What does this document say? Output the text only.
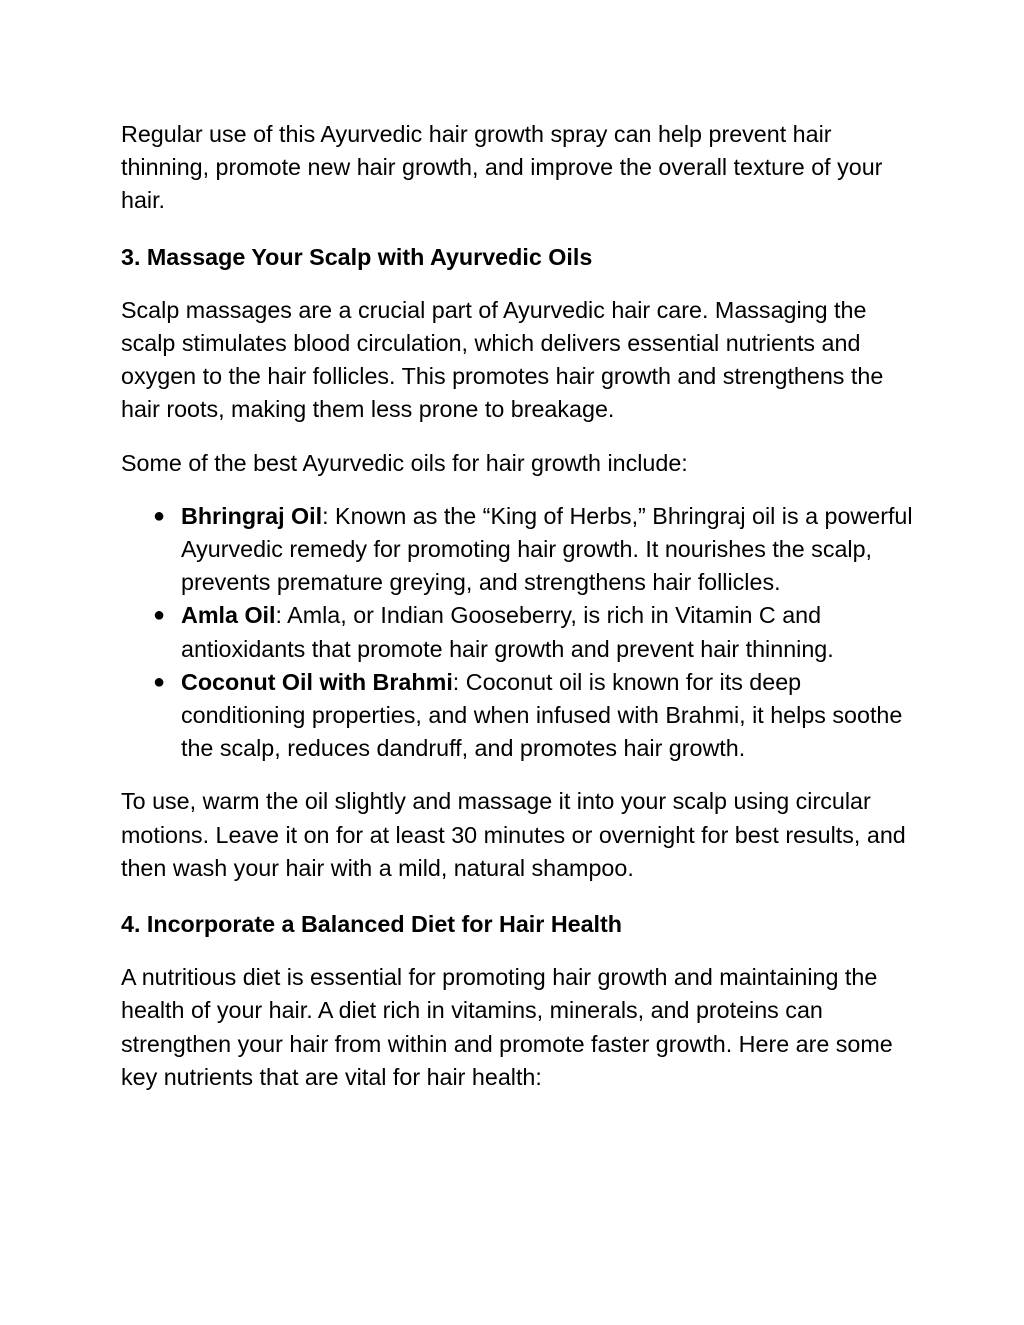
Regular use of this Ayurvedic hair growth spray can help prevent hair thinning, promote new hair growth, and improve the overall texture of your hair.

3. Massage Your Scalp with Ayurvedic Oils

Scalp massages are a crucial part of Ayurvedic hair care. Massaging the scalp stimulates blood circulation, which delivers essential nutrients and oxygen to the hair follicles. This promotes hair growth and strengthens the hair roots, making them less prone to breakage.

Some of the best Ayurvedic oils for hair growth include:

● Bhringraj Oil: Known as the “King of Herbs,” Bhringraj oil is a powerful Ayurvedic remedy for promoting hair growth. It nourishes the scalp, prevents premature greying, and strengthens hair follicles.
● Amla Oil: Amla, or Indian Gooseberry, is rich in Vitamin C and antioxidants that promote hair growth and prevent hair thinning.
● Coconut Oil with Brahmi: Coconut oil is known for its deep conditioning properties, and when infused with Brahmi, it helps soothe the scalp, reduces dandruff, and promotes hair growth.

To use, warm the oil slightly and massage it into your scalp using circular motions. Leave it on for at least 30 minutes or overnight for best results, and then wash your hair with a mild, natural shampoo.

4. Incorporate a Balanced Diet for Hair Health

A nutritious diet is essential for promoting hair growth and maintaining the health of your hair. A diet rich in vitamins, minerals, and proteins can strengthen your hair from within and promote faster growth. Here are some key nutrients that are vital for hair health:
